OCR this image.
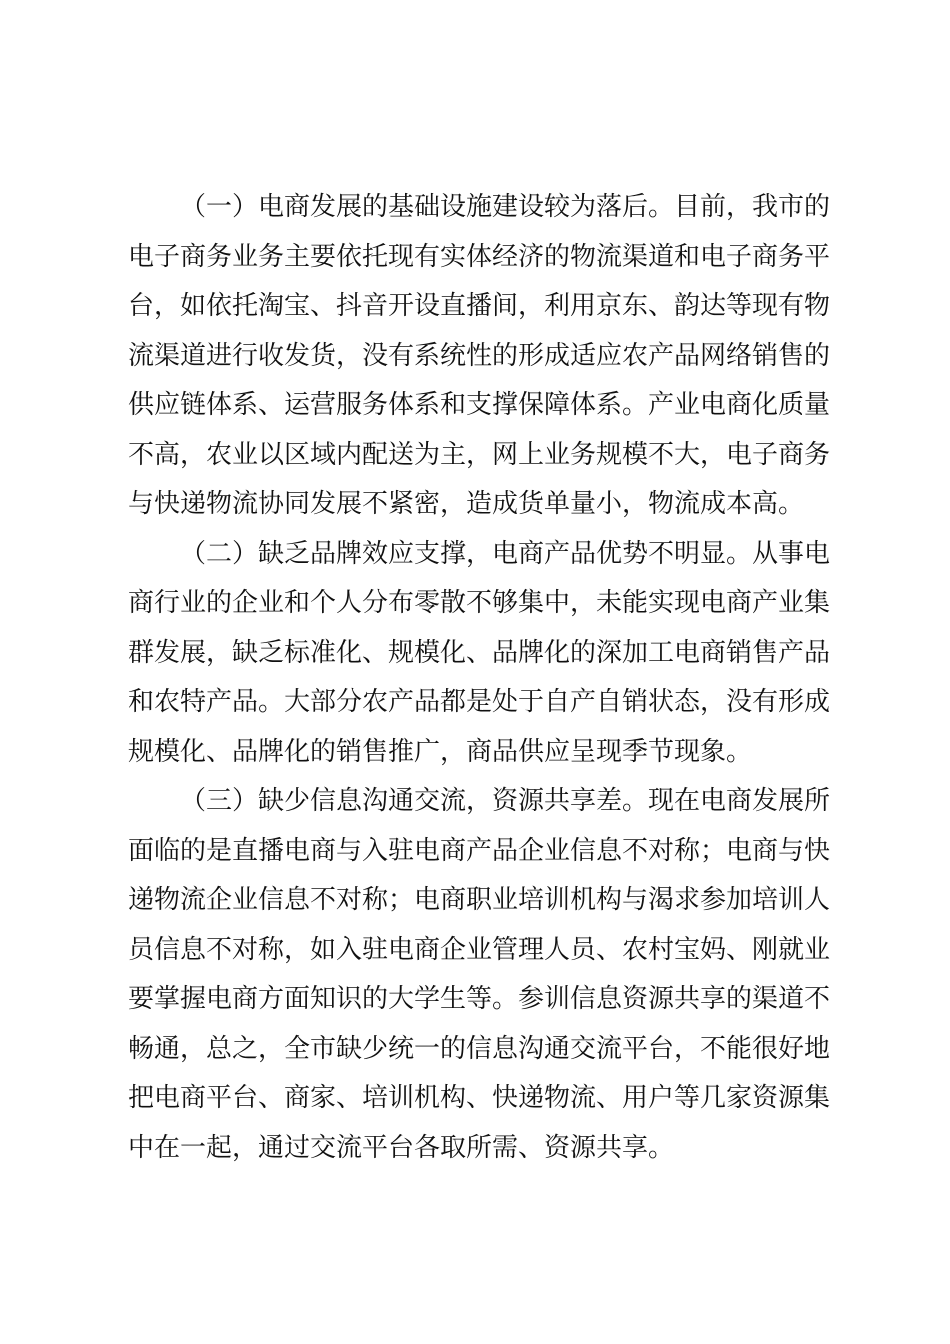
（一）电商发展的基础设施建设较为落后。目前，我市的
电子商务业务主要依托现有实体经济的物流渠道和电子商务平
台，如依托淘宝、抖音开设直播间，利用京东、韵达等现有物
流渠道进行收发货，没有系统性的形成适应农产品网络销售的
供应链体系、运营服务体系和支撑保障体系。产业电商化质量
不高，农业以区域内配送为主，网上业务规模不大，电子商务
与快递物流协同发展不紧密，造成货单量小，物流成本高。
（二）缺乏品牌效应支撑，电商产品优势不明显。从事电
商行业的企业和个人分布零散不够集中，未能实现电商产业集
群发展，缺乏标准化、规模化、品牌化的深加工电商销售产品
和农特产品。大部分农产品都是处于自产自销状态，没有形成
规模化、品牌化的销售推广，商品供应呈现季节现象。
（三）缺少信息沟通交流，资源共享差。现在电商发展所
面临的是直播电商与入驻电商产品企业信息不对称；电商与快
递物流企业信息不对称；电商职业培训机构与渴求参加培训人
员信息不对称，如入驻电商企业管理人员、农村宝妈、刚就业
要掌握电商方面知识的大学生等。参训信息资源共享的渠道不
畅通，总之，全市缺少统一的信息沟通交流平台，不能很好地
把电商平台、商家、培训机构、快递物流、用户等几家资源集
中在一起，通过交流平台各取所需、资源共享。
